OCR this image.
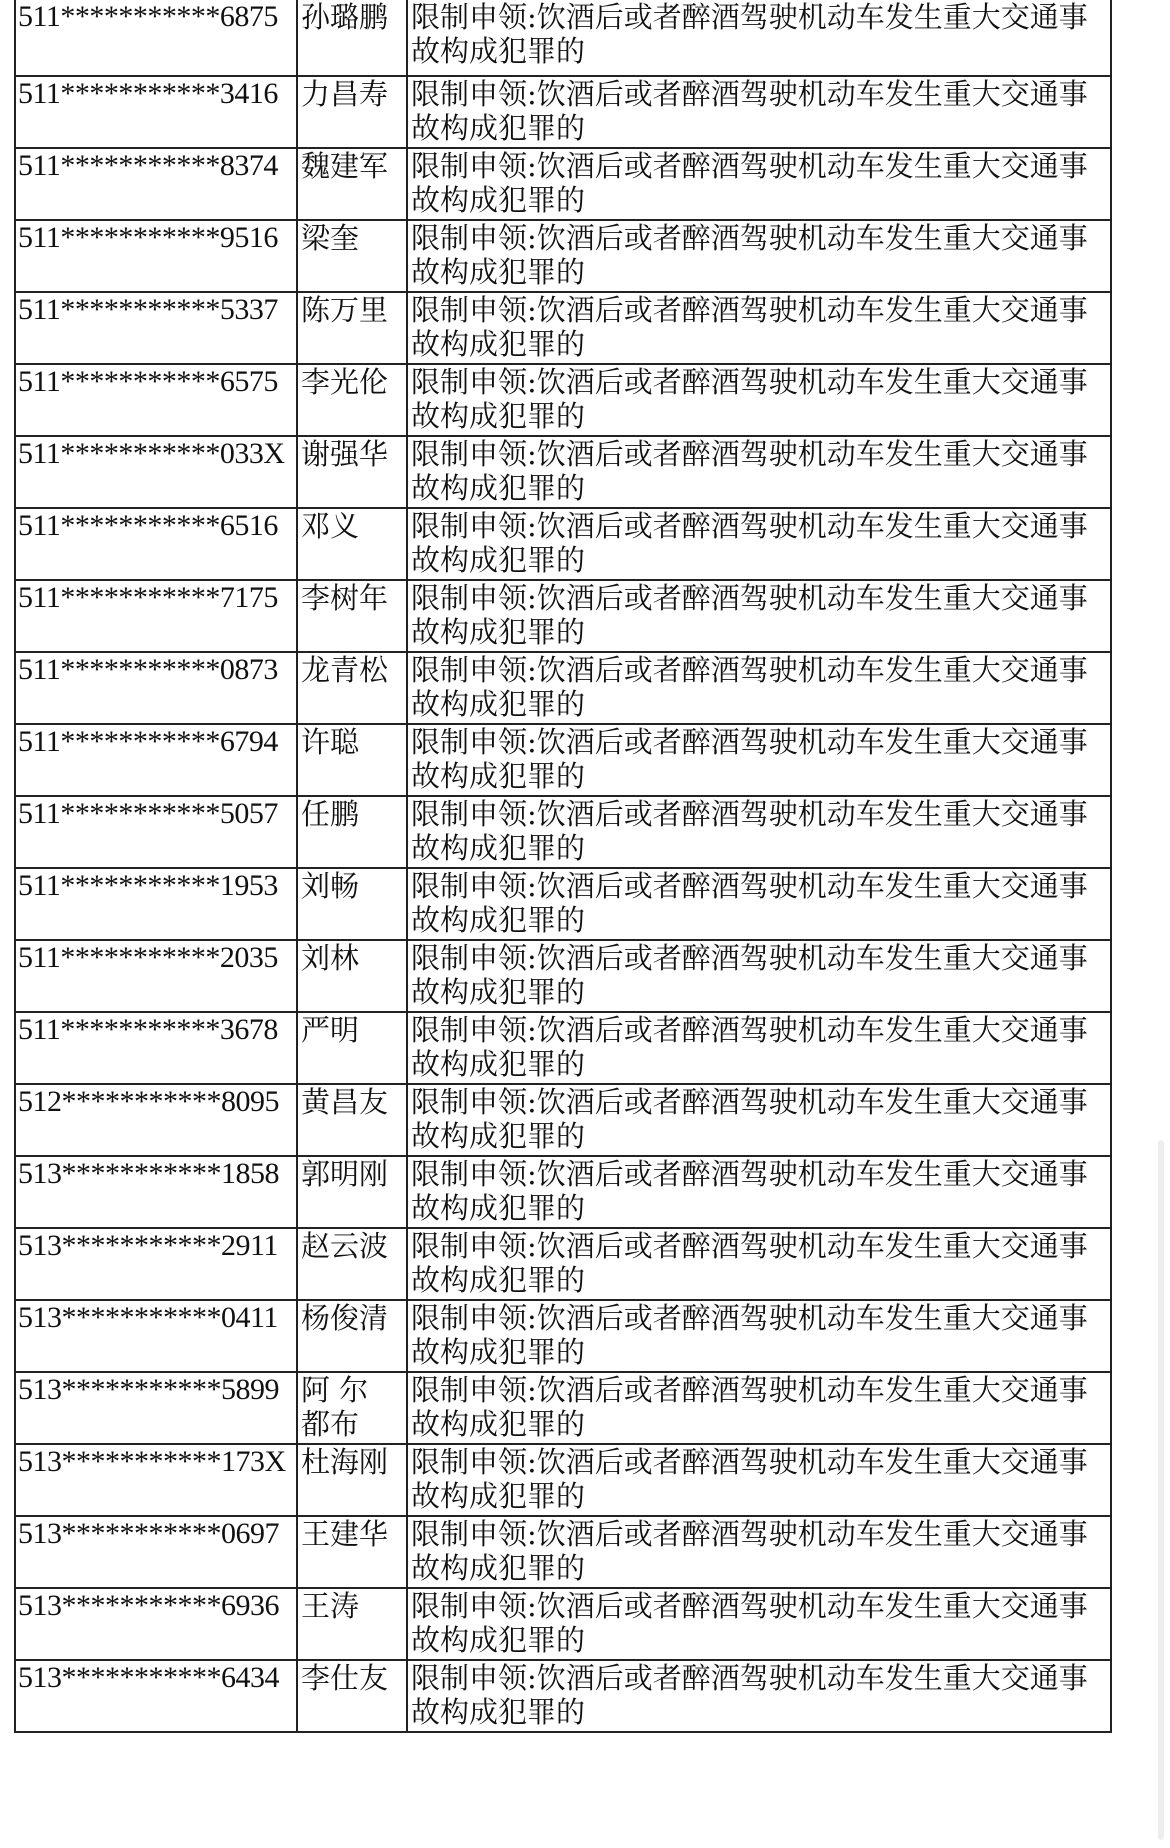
511***********6875	孙璐鹏	限制申领:饮酒后或者醉酒驾驶机动车发生重大交通事故构成犯罪的
511***********3416	力昌寿	限制申领:饮酒后或者醉酒驾驶机动车发生重大交通事故构成犯罪的
511***********8374	魏建军	限制申领:饮酒后或者醉酒驾驶机动车发生重大交通事故构成犯罪的
511***********9516	梁奎	限制申领:饮酒后或者醉酒驾驶机动车发生重大交通事故构成犯罪的
511***********5337	陈万里	限制申领:饮酒后或者醉酒驾驶机动车发生重大交通事故构成犯罪的
511***********6575	李光伦	限制申领:饮酒后或者醉酒驾驶机动车发生重大交通事故构成犯罪的
511***********033X	谢强华	限制申领:饮酒后或者醉酒驾驶机动车发生重大交通事故构成犯罪的
511***********6516	邓义	限制申领:饮酒后或者醉酒驾驶机动车发生重大交通事故构成犯罪的
511***********7175	李树年	限制申领:饮酒后或者醉酒驾驶机动车发生重大交通事故构成犯罪的
511***********0873	龙青松	限制申领:饮酒后或者醉酒驾驶机动车发生重大交通事故构成犯罪的
511***********6794	许聪	限制申领:饮酒后或者醉酒驾驶机动车发生重大交通事故构成犯罪的
511***********5057	任鹏	限制申领:饮酒后或者醉酒驾驶机动车发生重大交通事故构成犯罪的
511***********1953	刘畅	限制申领:饮酒后或者醉酒驾驶机动车发生重大交通事故构成犯罪的
511***********2035	刘林	限制申领:饮酒后或者醉酒驾驶机动车发生重大交通事故构成犯罪的
511***********3678	严明	限制申领:饮酒后或者醉酒驾驶机动车发生重大交通事故构成犯罪的
512***********8095	黄昌友	限制申领:饮酒后或者醉酒驾驶机动车发生重大交通事故构成犯罪的
513***********1858	郭明刚	限制申领:饮酒后或者醉酒驾驶机动车发生重大交通事故构成犯罪的
513***********2911	赵云波	限制申领:饮酒后或者醉酒驾驶机动车发生重大交通事故构成犯罪的
513***********0411	杨俊清	限制申领:饮酒后或者醉酒驾驶机动车发生重大交通事故构成犯罪的
513***********5899	阿 尔 都布	限制申领:饮酒后或者醉酒驾驶机动车发生重大交通事故构成犯罪的
513***********173X	杜海刚	限制申领:饮酒后或者醉酒驾驶机动车发生重大交通事故构成犯罪的
513***********0697	王建华	限制申领:饮酒后或者醉酒驾驶机动车发生重大交通事故构成犯罪的
513***********6936	王涛	限制申领:饮酒后或者醉酒驾驶机动车发生重大交通事故构成犯罪的
513***********6434	李仕友	限制申领:饮酒后或者醉酒驾驶机动车发生重大交通事故构成犯罪的
